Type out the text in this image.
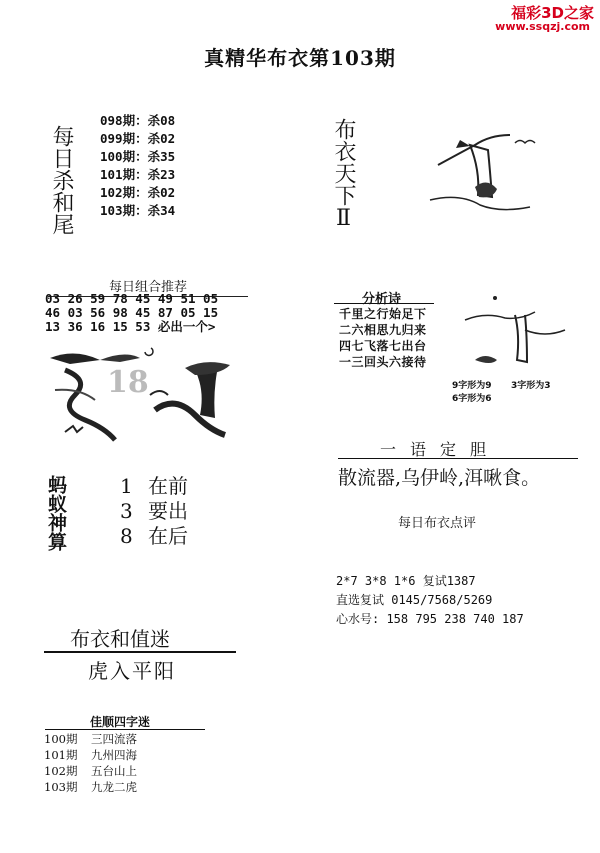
福彩3D之家
www.ssqzj.com
真精华布衣第103期
每日杀和尾
098期：杀08
099期：杀02
100期：杀35
101期：杀23
102期：杀02
103期：杀34
每日组合推荐
03 26 59 78 45 49 51 05
46 03 56 98 45 87 05 15
13 36 16 15 53 必出一个>
18
蚂蚁神算	1 在前
3 要出
8 在后
布衣和值迷
虎入平阳
佳顺四字迷
100期 三四流落
101期 九州四海
102期 五台山上
103期 九龙二虎
布衣天下Ⅱ
分析诗
千里之行始足下
二六相思九归来
四七飞落七出台
一三回头六接待
9字形为9 3字形为3
6字形为6
一语定胆
散流器,乌伊岭,洱啾食。
每日布衣点评
2*7 3*8 1*6 复试1387
直选复试 0145/7568/5269
心水号: 158 795 238 740 187
